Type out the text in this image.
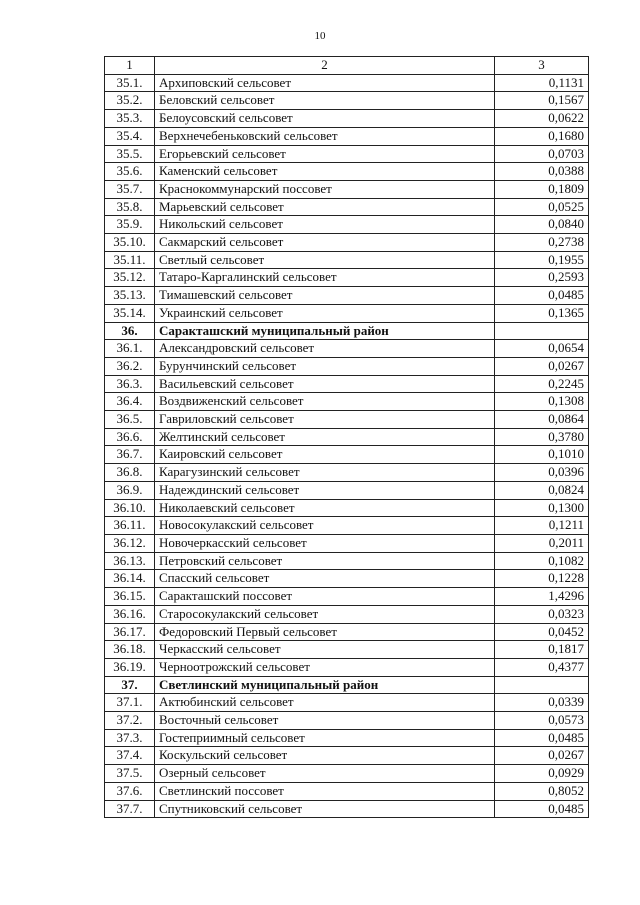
10
1	2	3
35.1.	Архиповский сельсовет	0,1131
35.2.	Беловский сельсовет	0,1567
35.3.	Белоусовский сельсовет	0,0622
35.4.	Верхнечебеньковский сельсовет	0,1680
35.5.	Егорьевский сельсовет	0,0703
35.6.	Каменский сельсовет	0,0388
35.7.	Краснокоммунарский поссовет	0,1809
35.8.	Марьевский сельсовет	0,0525
35.9.	Никольский сельсовет	0,0840
35.10.	Сакмарский сельсовет	0,2738
35.11.	Светлый сельсовет	0,1955
35.12.	Татаро-Каргалинский сельсовет	0,2593
35.13.	Тимашевский сельсовет	0,0485
35.14.	Украинский сельсовет	0,1365
36.	Саракташский муниципальный район	
36.1.	Александровский сельсовет	0,0654
36.2.	Бурунчинский сельсовет	0,0267
36.3.	Васильевский сельсовет	0,2245
36.4.	Воздвиженский сельсовет	0,1308
36.5.	Гавриловский сельсовет	0,0864
36.6.	Желтинский сельсовет	0,3780
36.7.	Каировский сельсовет	0,1010
36.8.	Карагузинский сельсовет	0,0396
36.9.	Надеждинский сельсовет	0,0824
36.10.	Николаевский сельсовет	0,1300
36.11.	Новосокулакский сельсовет	0,1211
36.12.	Новочеркасский сельсовет	0,2011
36.13.	Петровский сельсовет	0,1082
36.14.	Спасский сельсовет	0,1228
36.15.	Саракташский поссовет	1,4296
36.16.	Старосокулакский сельсовет	0,0323
36.17.	Федоровский Первый сельсовет	0,0452
36.18.	Черкасский сельсовет	0,1817
36.19.	Черноотрожский сельсовет	0,4377
37.	Светлинский муниципальный район	
37.1.	Актюбинский сельсовет	0,0339
37.2.	Восточный сельсовет	0,0573
37.3.	Гостеприимный сельсовет	0,0485
37.4.	Коскульский сельсовет	0,0267
37.5.	Озерный сельсовет	0,0929
37.6.	Светлинский поссовет	0,8052
37.7.	Спутниковский сельсовет	0,0485
